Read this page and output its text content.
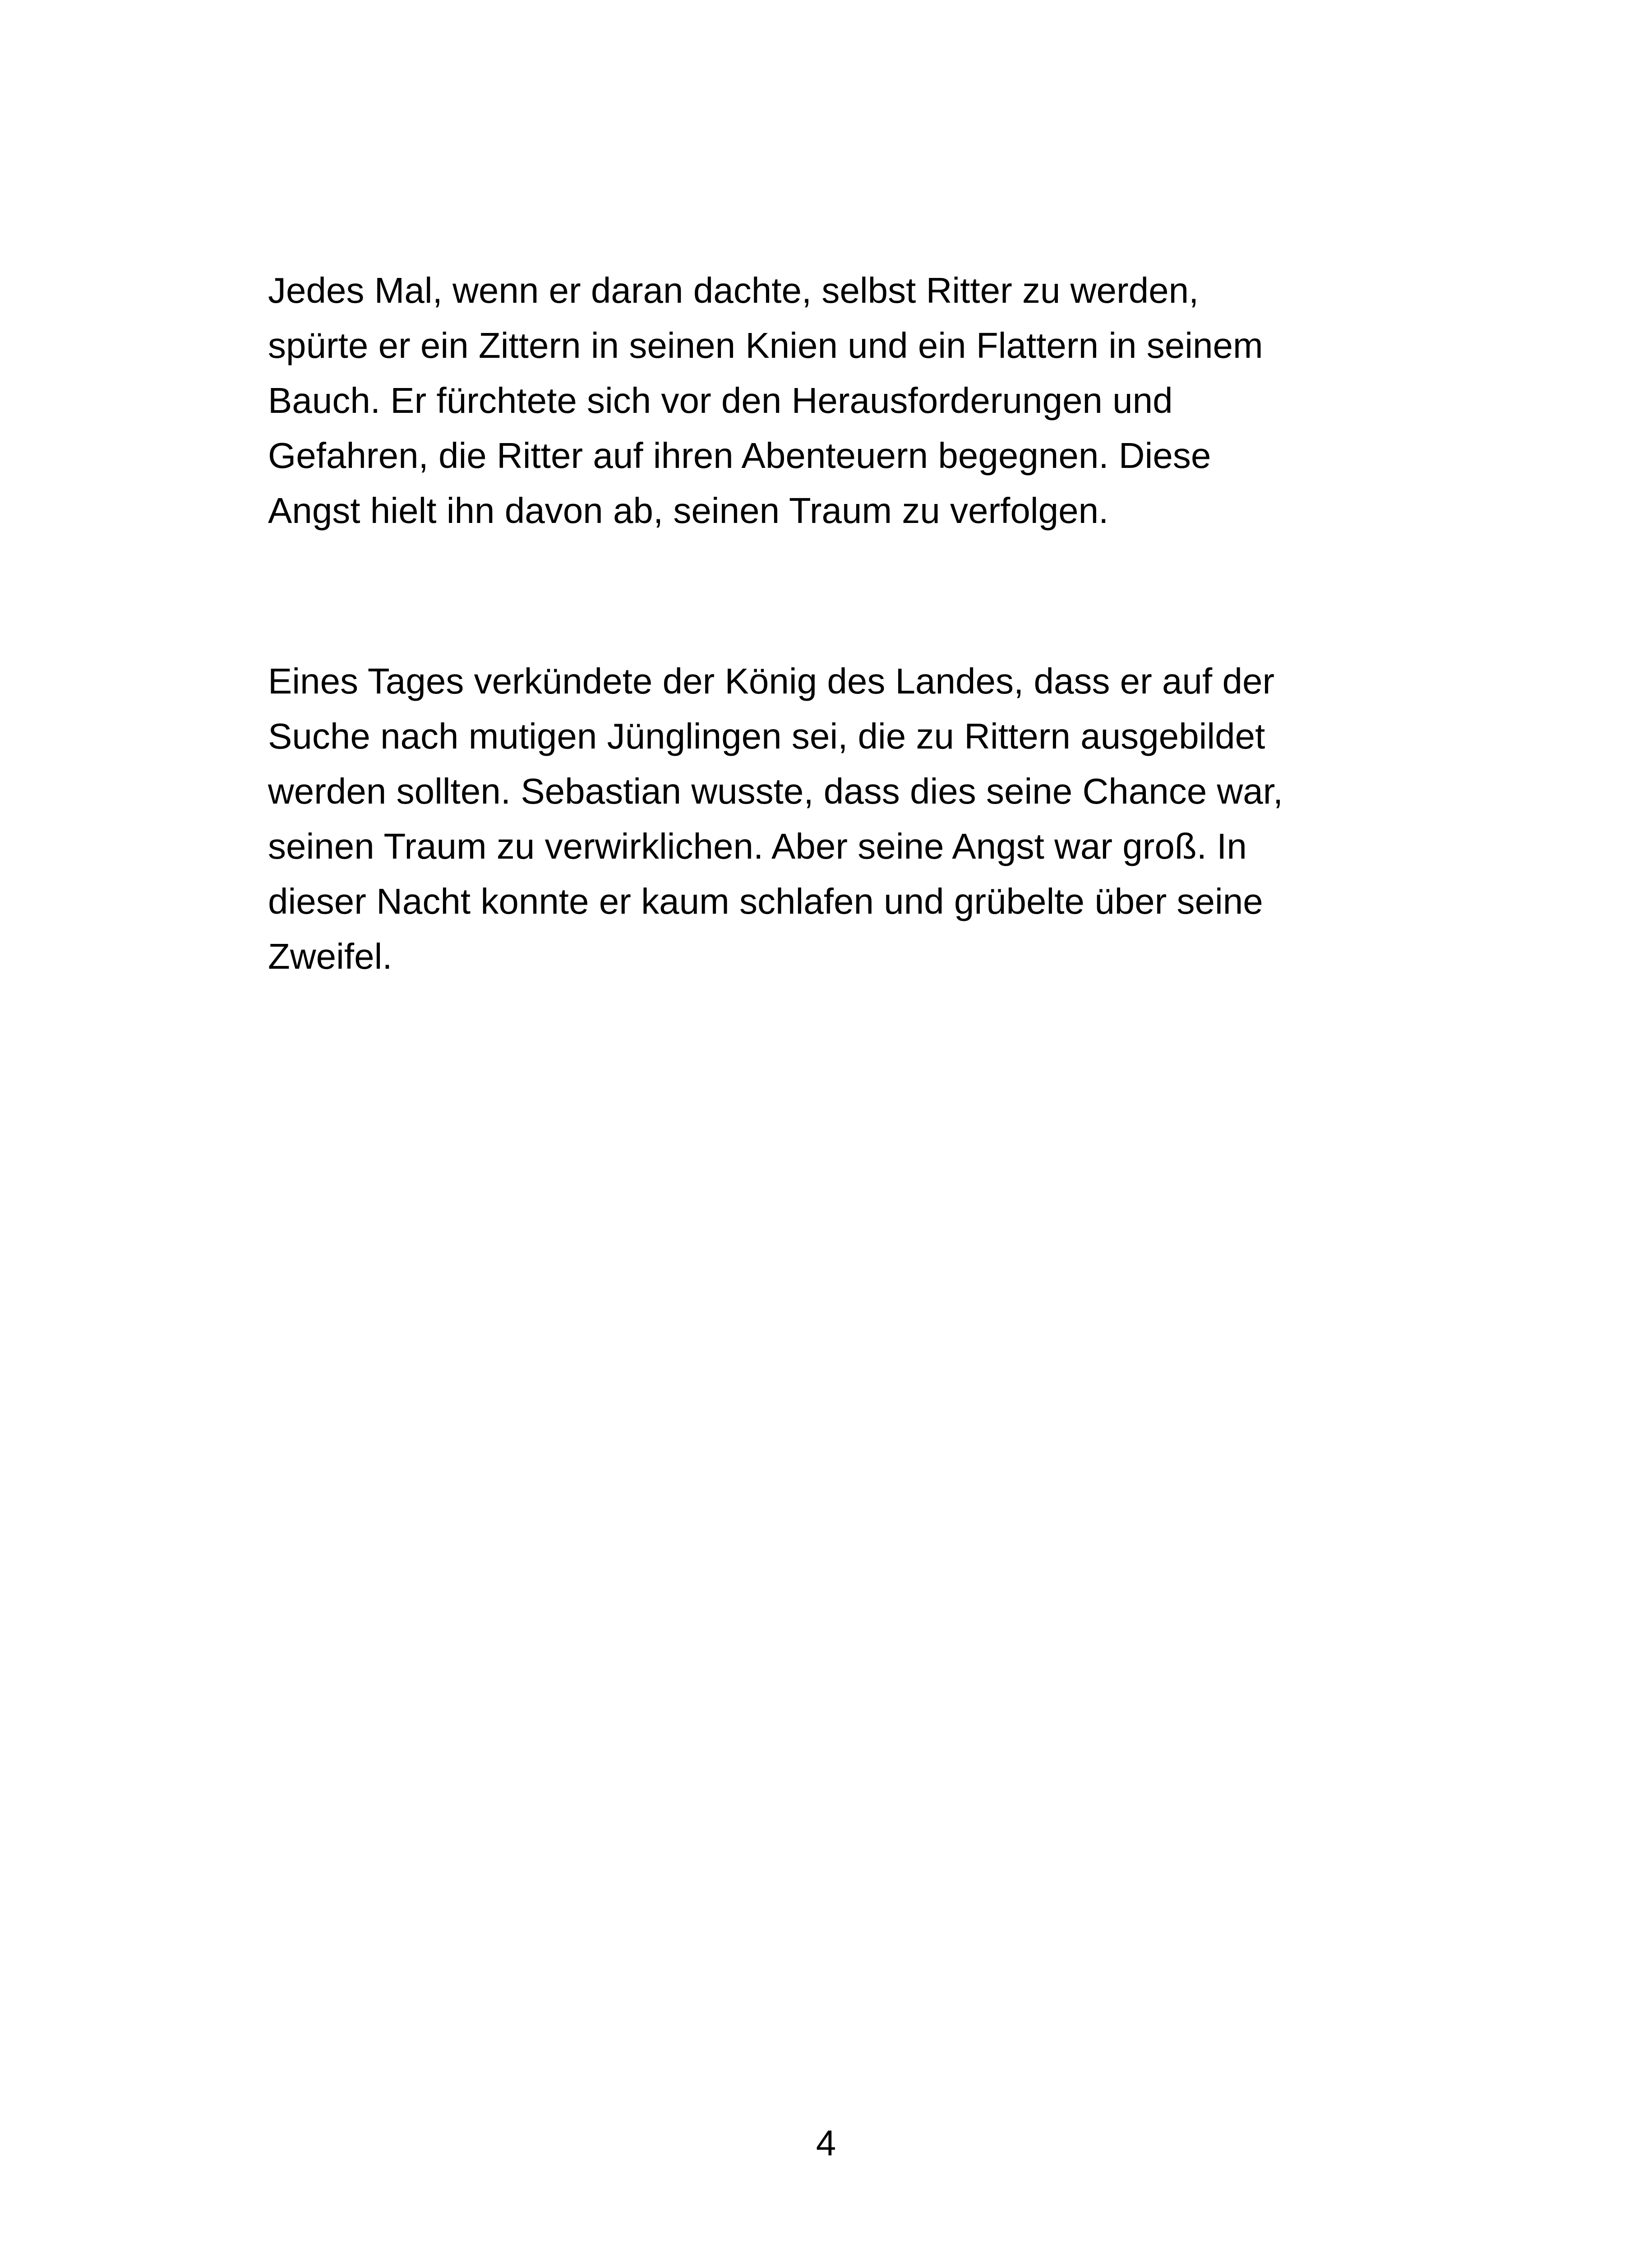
Jedes Mal, wenn er daran dachte, selbst Ritter zu werden,
spürte er ein Zittern in seinen Knien und ein Flattern in seinem
Bauch. Er fürchtete sich vor den Herausforderungen und
Gefahren, die Ritter auf ihren Abenteuern begegnen. Diese
Angst hielt ihn davon ab, seinen Traum zu verfolgen.
Eines Tages verkündete der König des Landes, dass er auf der
Suche nach mutigen Jünglingen sei, die zu Rittern ausgebildet
werden sollten. Sebastian wusste, dass dies seine Chance war,
seinen Traum zu verwirklichen. Aber seine Angst war groß. In
dieser Nacht konnte er kaum schlafen und grübelte über seine
Zweifel.
4
